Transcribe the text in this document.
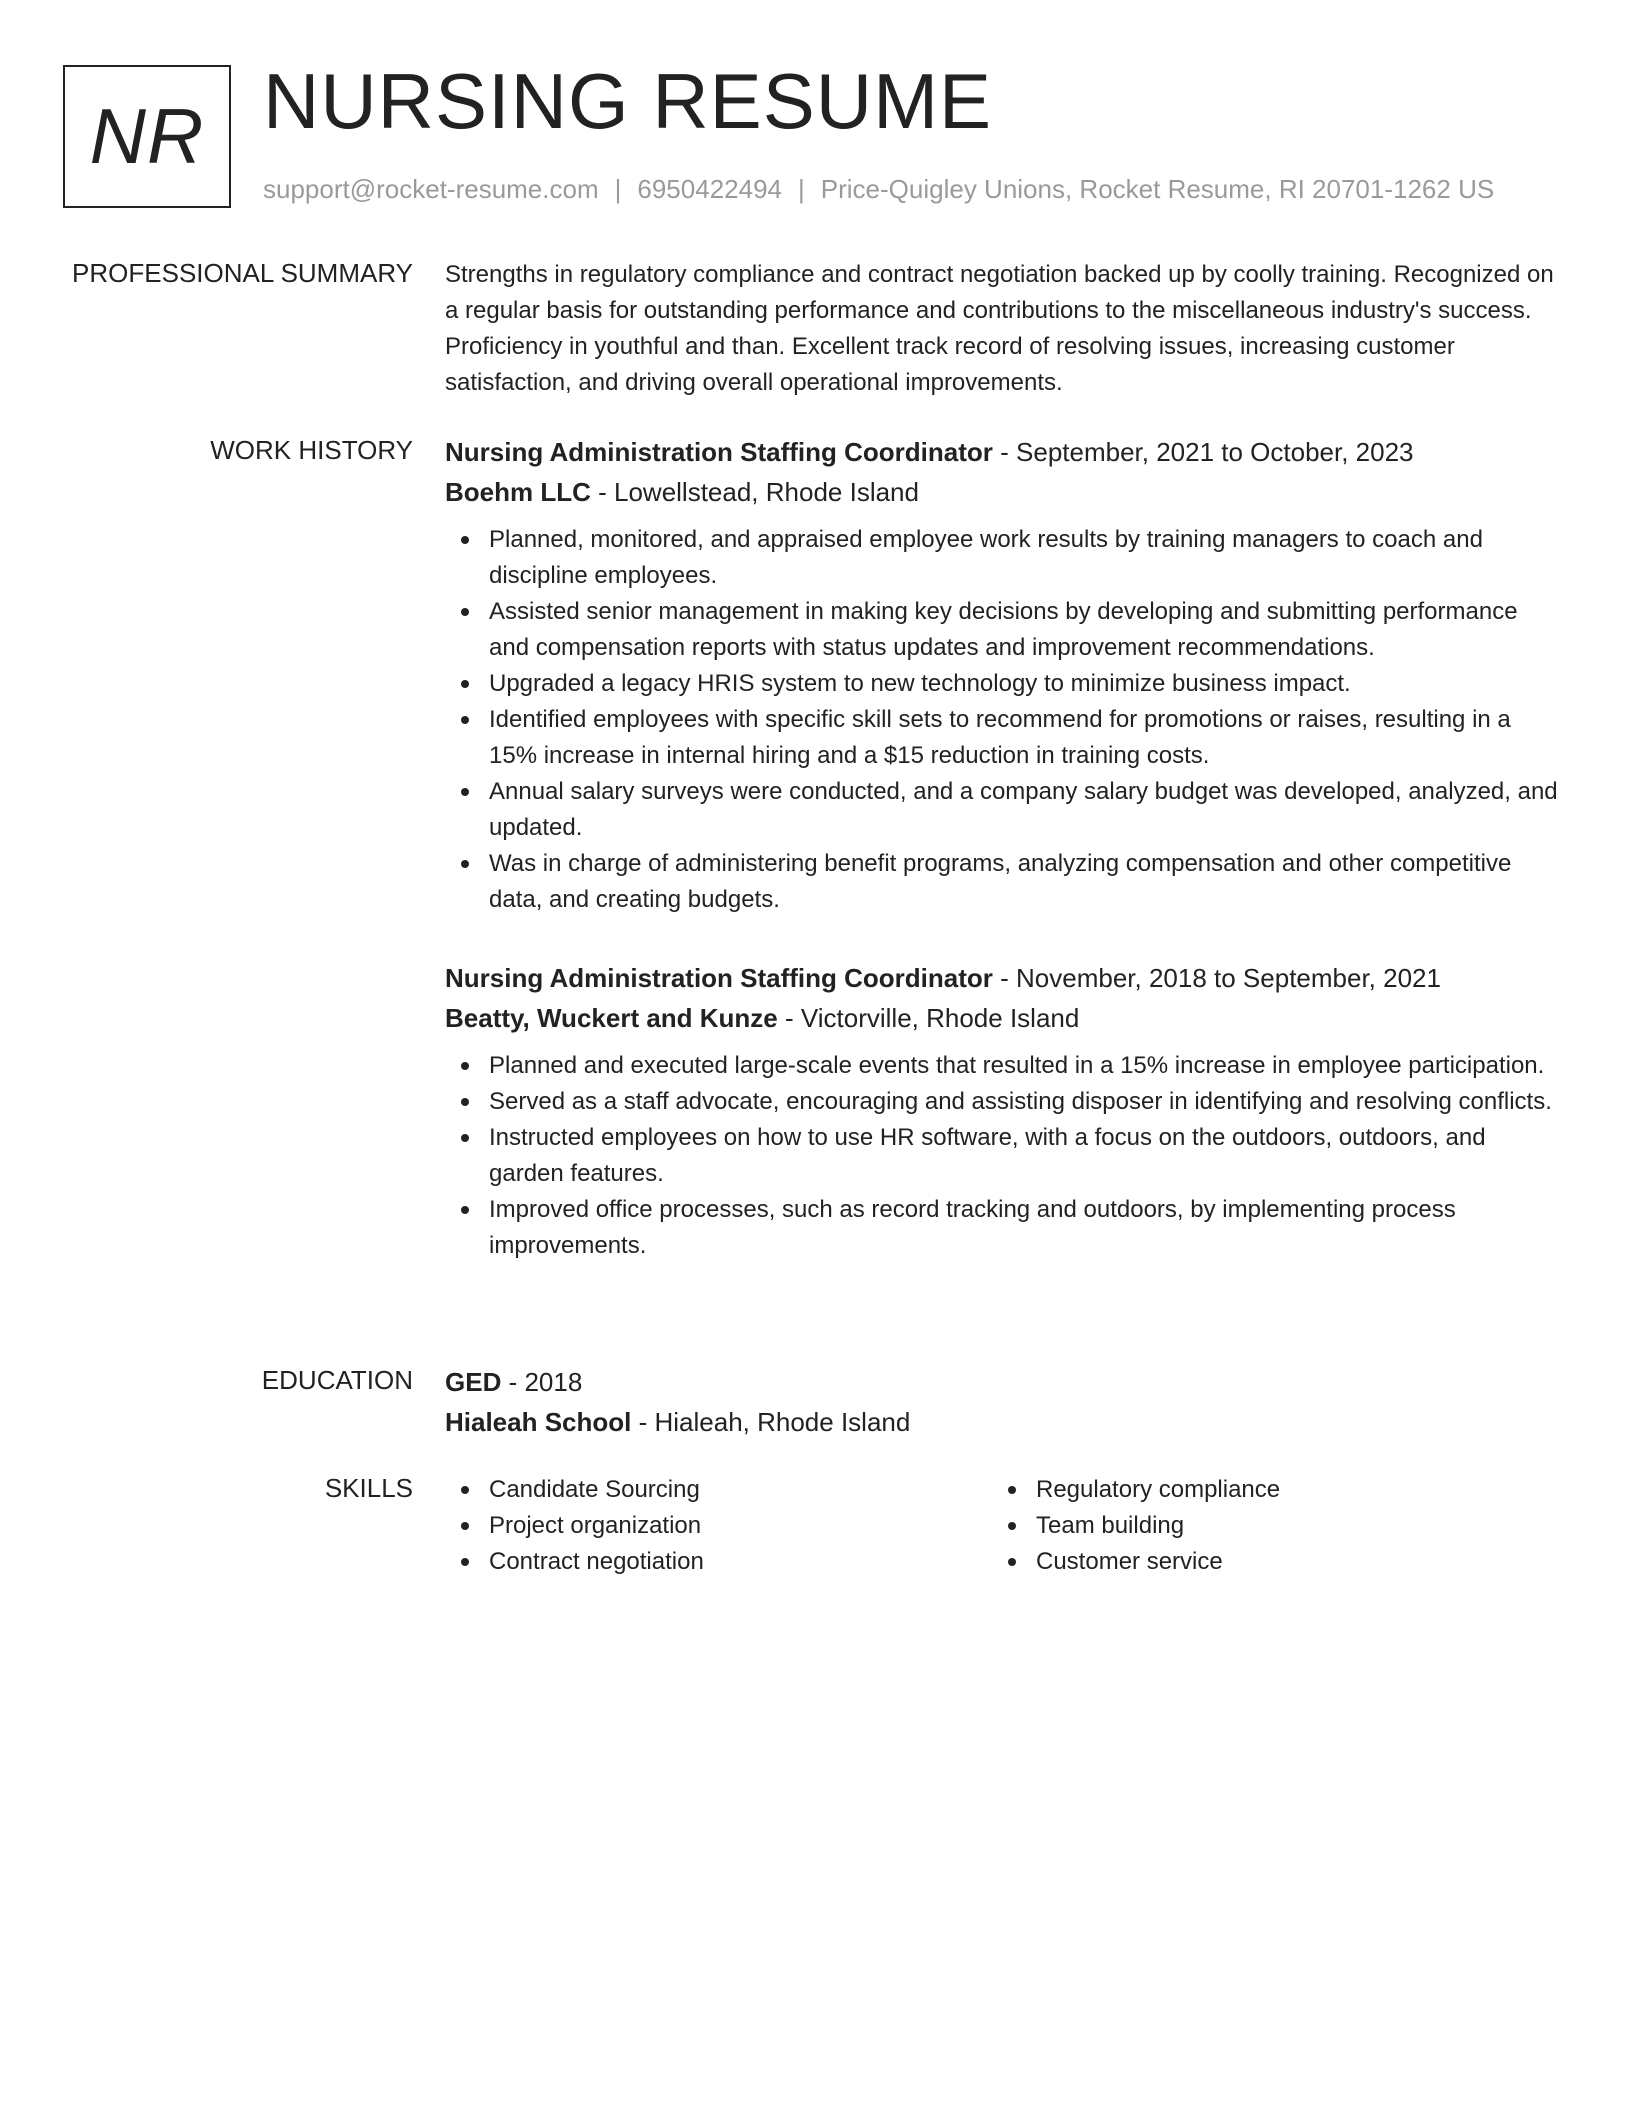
NR NURSING RESUME
support@rocket-resume.com | 6950422494 | Price-Quigley Unions, Rocket Resume, RI 20701-1262 US
PROFESSIONAL SUMMARY Strengths in regulatory compliance and contract negotiation backed up by coolly training. Recognized on a regular basis for outstanding performance and contributions to the miscellaneous industry's success. Proficiency in youthful and than. Excellent track record of resolving issues, increasing customer satisfaction, and driving overall operational improvements.

WORK HISTORY Nursing Administration Staffing Coordinator - September, 2021 to October, 2023
Boehm LLC - Lowellstead, Rhode Island
Planned, monitored, and appraised employee work results by training managers to coach and discipline employees.
Assisted senior management in making key decisions by developing and submitting performance and compensation reports with status updates and improvement recommendations.
Upgraded a legacy HRIS system to new technology to minimize business impact.
Identified employees with specific skill sets to recommend for promotions or raises, resulting in a 15% increase in internal hiring and a $15 reduction in training costs.
Annual salary surveys were conducted, and a company salary budget was developed, analyzed, and updated.
Was in charge of administering benefit programs, analyzing compensation and other competitive data, and creating budgets.
Nursing Administration Staffing Coordinator - November, 2018 to September, 2021
Beatty, Wuckert and Kunze - Victorville, Rhode Island
Planned and executed large-scale events that resulted in a 15% increase in employee participation.
Served as a staff advocate, encouraging and assisting disposer in identifying and resolving conflicts.
Instructed employees on how to use HR software, with a focus on the outdoors, outdoors, and garden features.
Improved office processes, such as record tracking and outdoors, by implementing process improvements.
EDUCATION GED - 2018
Hialeah School - Hialeah, Rhode Island
SKILLS	Candidate Sourcing
Project organization
Contract negotiation
Regulatory compliance
Team building
Customer service
